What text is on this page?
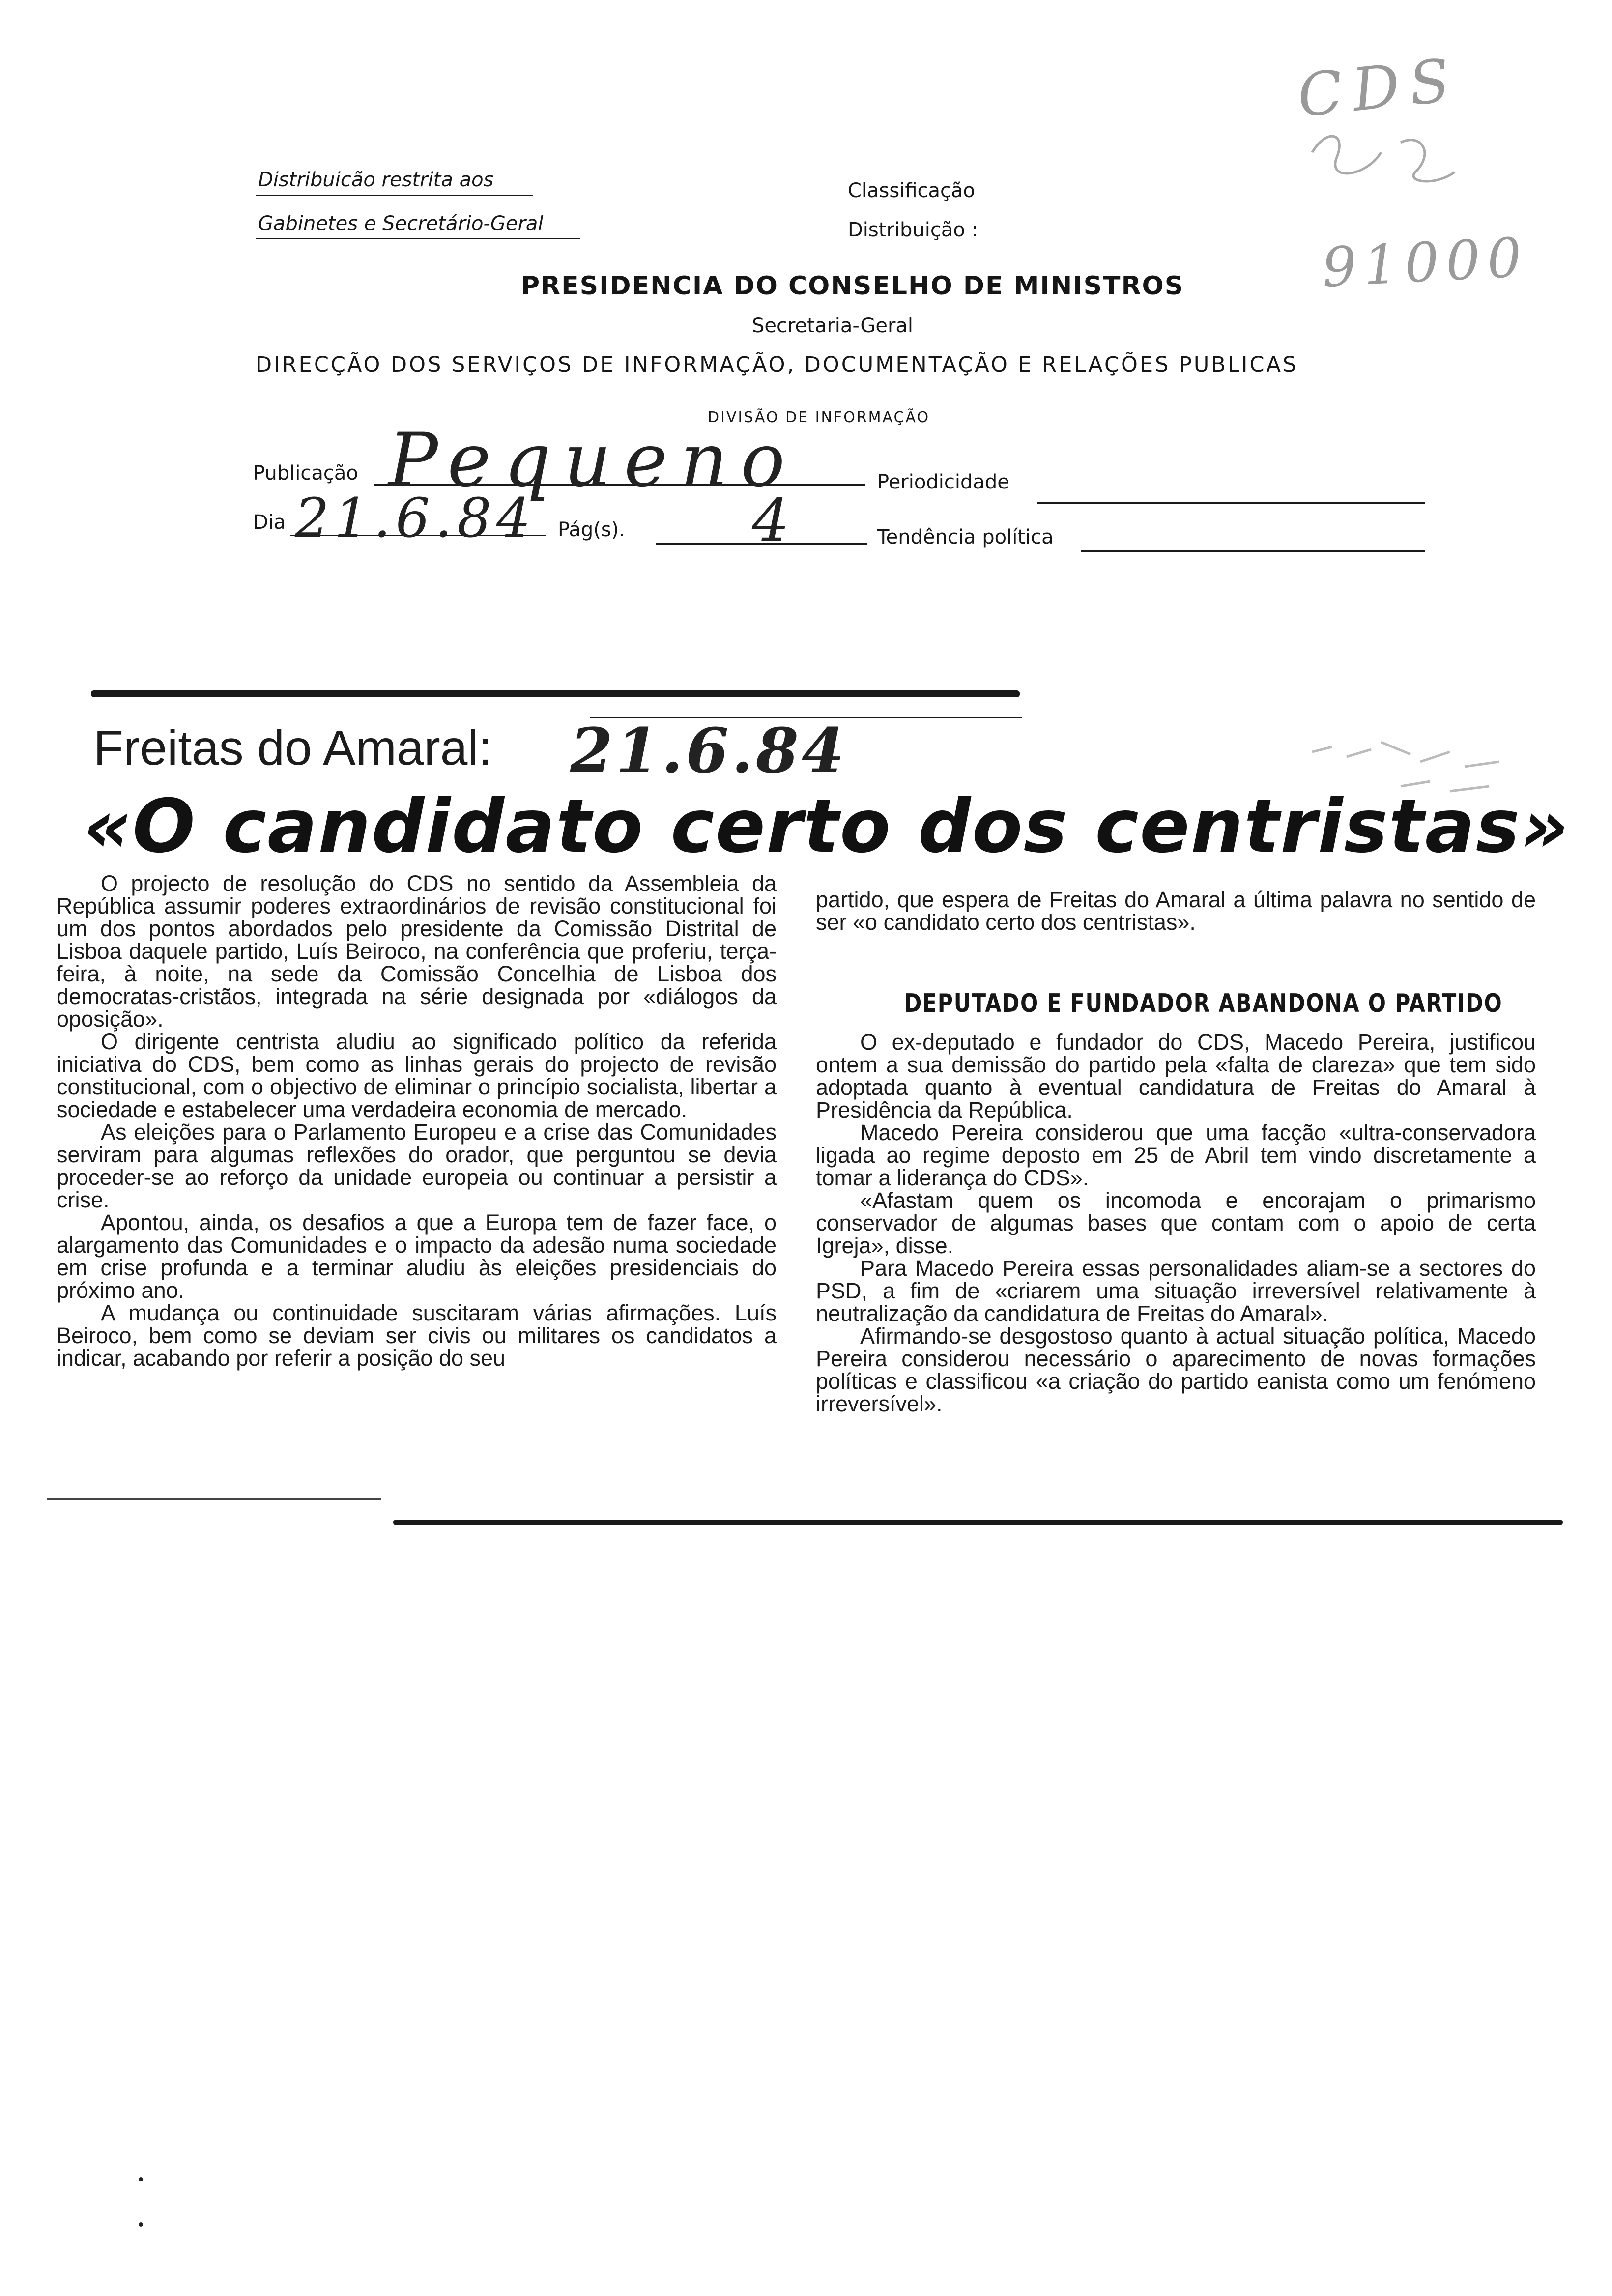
CDS
91000
Distribuicão restrita aos
Gabinetes e Secretário-Geral
Classificação
Distribuição :
PRESIDENCIA DO CONSELHO DE MINISTROS
Secretaria-Geral
DIRECÇÃO DOS SERVIÇOS DE INFORMAÇÃO, DOCUMENTAÇÃO E RELAÇÕES PUBLICAS
DIVISÃO DE INFORMAÇÃO
Publicação Pequeno	Periodicidade
Dia 21.6.84 Pág(s). 4	Tendência política
Freitas do Amaral: 21.6.84
«O candidato certo dos centristas»

O projecto de resolução do CDS no sentido da Assembleia da República assumir poderes extraordinários de revisão constitucional foi um dos pontos abordados pelo presidente da Comissão Distrital de Lisboa daquele partido, Luís Beiroco, na conferência que proferiu, terça-feira, à noite, na sede da Comissão Concelhia de Lisboa dos democratas-cristãos, integrada na série designada por «diálogos da oposição».

O dirigente centrista aludiu ao significado político da referida iniciativa do CDS, bem como as linhas gerais do projecto de revisão constitucional, com o objectivo de eliminar o princípio socialista, libertar a sociedade e estabelecer uma verdadeira economia de mercado.

As eleições para o Parlamento Europeu e a crise das Comunidades serviram para algumas reflexões do orador, que perguntou se devia proceder-se ao reforço da unidade europeia ou continuar a persistir a crise.

Apontou, ainda, os desafios a que a Europa tem de fazer face, o alargamento das Comunidades e o impacto da adesão numa sociedade em crise profunda e a terminar aludiu às eleições presidenciais do próximo ano.

A mudança ou continuidade suscitaram várias afirmações. Luís Beiroco, bem como se deviam ser civis ou militares os candidatos a indicar, acabando por referir a posição do seu

partido, que espera de Freitas do Amaral a última palavra no sentido de ser «o candidato certo dos centristas».

DEPUTADO E FUNDADOR ABANDONA O PARTIDO

O ex-deputado e fundador do CDS, Macedo Pereira, justificou ontem a sua demissão do partido pela «falta de clareza» que tem sido adoptada quanto à eventual candidatura de Freitas do Amaral à Presidência da República.

Macedo Pereira considerou que uma facção «ultra-conservadora ligada ao regime deposto em 25 de Abril tem vindo discretamente a tomar a liderança do CDS».

«Afastam quem os incomoda e encorajam o primarismo conservador de algumas bases que contam com o apoio de certa Igreja», disse.

Para Macedo Pereira essas personalidades aliam-se a sectores do PSD, a fim de «criarem uma situação irreversível relativamente à neutralização da candidatura de Freitas do Amaral».

Afirmando-se desgostoso quanto à actual situação política, Macedo Pereira considerou necessário o aparecimento de novas formações políticas e classificou «a criação do partido eanista como um fenómeno irreversível».
